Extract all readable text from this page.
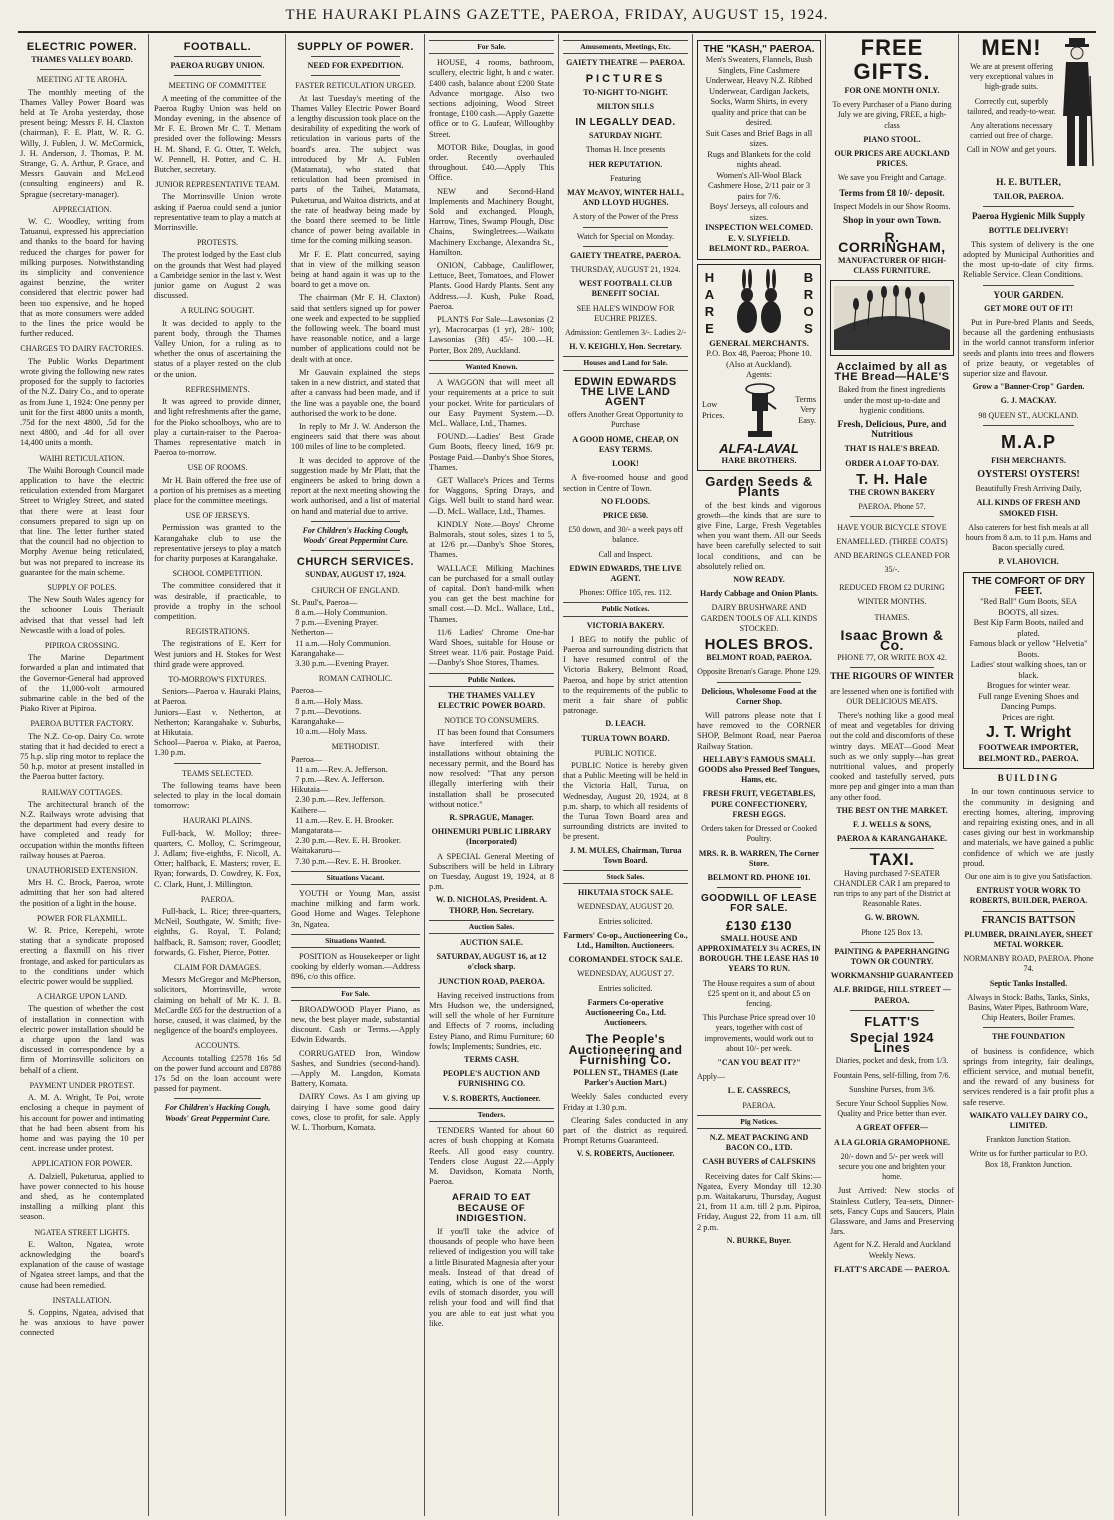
THE HAURAKI PLAINS GAZETTE, PAEROA, FRIDAY, AUGUST 15, 1924.
ELECTRIC POWER.
THAMES VALLEY BOARD.
MEETING AT TE AROHA.

The monthly meeting of the Thames Valley Power Board was held at Te Aroha yesterday, those present being: Messrs F. H. Claxton (chairman), F. E. Platt, W. R. G. Willy, J. Fublen, J. W. McCormick, J. H. Anderson, J. Thomas, P. M. Strange, G. A. Arthur, P. Grace, and Messrs Gauvain and McLeod (consulting engineers) and R. Sprague (secretary-manager).

APPRECIATION.

W. C. Woodley, writing from Tatuanui, expressed his appreciation and thanks to the board for having reduced the charges for power for milking purposes. Notwithstanding its simplicity and convenience against benzine, the writer considered that electric power had been too expensive, and he hoped that as more consumers were added to the lines the price would be further reduced.

CHARGES TO DAIRY FACTORIES.

The Public Works Department wrote giving the following new rates proposed for the supply to factories of the N.Z. Dairy Co., and to operate as from June 1, 1924: One penny per unit for the first 4800 units a month, .75d for the next 4800, .5d for the next 4800, and .4d for all over 14,400 units a month.

WAIHI RETICULATION.

The Waihi Borough Council made application to have the electric reticulation extended from Margaret Street to Wrigley Street, and stated that there were at least four consumers prepared to sign up on that line. The letter further stated that the council had no objection to Morphy Avenue being reticulated, but was not prepared to increase its guarantee for the main scheme.

SUPPLY OF POLES.

The New South Wales agency for the schooner Louis Theriault advised that that vessel had left Newcastle with a load of poles.

PIPIROA CROSSING.

The Marine Department forwarded a plan and intimated that the Governor-General had approved of the 11,000-volt armoured submarine cable in the bed of the Piako River at Pipiroa.

PAEROA BUTTER FACTORY.

The N.Z. Co-op. Dairy Co. wrote stating that it had decided to erect a 75 h.p. slip ring motor to replace the 50 h.p. motor at present installed in the Paeroa butter factory.

RAILWAY COTTAGES.

The architectural branch of the N.Z. Railways wrote advising that the department had every desire to have completed and ready for occupation within the months fifteen railway houses at Paeroa.

UNAUTHORISED EXTENSION.

Mrs H. C. Brock, Paeroa, wrote admitting that her son had altered the position of a light in the house.

POWER FOR FLAXMILL.

W. R. Price, Kerepehi, wrote stating that a syndicate proposed erecting a flaxmill on his river frontage, and asked for particulars as to the conditions under which electric power would be supplied.

A CHARGE UPON LAND.

The question of whether the cost of installation in connection with electric power installation should be a charge upon the land was discussed in correspondence by a firm of Morrinsville solicitors on behalf of a client.

PAYMENT UNDER PROTEST.

A. M. A. Wright, Te Poi, wrote enclosing a cheque in payment of his account for power and intimating that he had been absent from his home and was paying the 10 per cent. increase under protest.

APPLICATION FOR POWER.

A. Dalziell, Puketurua, applied to have power connected to his house and shed, as he contemplated installing a milking plant this season.

NGATEA STREET LIGHTS.

E. Walton, Ngatea, wrote acknowledging the board's explanation of the cause of wastage of Ngatea street lamps, and that the cause had been remedied.

INSTALLATION.

S. Coppins, Ngatea, advised that he was anxious to have power connected

FOOTBALL.
PAEROA RUGBY UNION.
MEETING OF COMMITTEE

A meeting of the committee of the Paeroa Rugby Union was held on Monday evening, in the absence of Mr F. E. Brown Mr C. T. Mettam presided over the following: Messrs H. M. Shand, F. G. Otter, T. Welch, W. Pennell, H. Potter, and C. H. Butcher, secretary.

JUNIOR REPRESENTATIVE TEAM.

The Morrinsville Union wrote asking if Paeroa could send a junior representative team to play a match at Morrinsville.

PROTESTS.

The protest lodged by the East club on the grounds that West had played a Cambridge senior in the last v. West junior game on August 2 was discussed.

A RULING SOUGHT.

It was decided to apply to the parent body, through the Thames Valley Union, for a ruling as to whether the onus of ascertaining the status of a player rested on the club or the union.

REFRESHMENTS.

It was agreed to provide dinner, and light refreshments after the game, for the Pioko schoolboys, who are to play a curtain-raiser to the Paeroa-Thames representative match in Paeroa to-morrow.

USE OF ROOMS.

Mr H. Bain offered the free use of a portion of his premises as a meeting place for the committee meetings.

USE OF JERSEYS.

Permission was granted to the Karangahake club to use the representative jerseys to play a match for charity purposes at Karangahake.

SCHOOL COMPETITION.

The committee considered that it was desirable, if practicable, to provide a trophy in the school competition.

REGISTRATIONS.

The registrations of E. Kerr for West juniors and H. Stokes for West third grade were approved.

TO-MORROW'S FIXTURES.

Seniors—Paeroa v. Hauraki Plains, at Paeroa.
Juniors—East v. Netherton, at Netherton; Karangahake v. Suburbs, at Hikutaia.
School—Paeroa v. Piako, at Paeroa, 1.30 p.m.

TEAMS SELECTED.

The following teams have been selected to play in the local domain tomorrow:

HAURAKI PLAINS.

Full-back, W. Molloy; three-quarters, C. Molloy, C. Scrimgeour, J. Adlam; five-eighths, F. Nicoll, A. Otter; halfback, E. Masters; rover, E. Ryan; forwards, D. Cowdrey, K. Fox, C. Clark, Hunt, J. Millington.

PAEROA.

Full-back, L. Rice; three-quarters, McNeil, Southgate, W. Smith; five-eighths, G. Royal, T. Poland; halfback, R. Samson; rover, Goodlet; forwards, G. Fisher, Pierce, Potter.

CLAIM FOR DAMAGES.

Messrs McGregor and McPherson, solicitors, Morrinsville, wrote claiming on behalf of Mr K. J. B. McCardle £65 for the destruction of a horse, caused, it was claimed, by the negligence of the board's employees.

ACCOUNTS.

Accounts totalling £2578 16s 5d on the power fund account and £8788 17s 5d on the loan account were passed for payment.

For Children's Hacking Cough, Woods' Great Peppermint Cure.
SUPPLY OF POWER.
NEED FOR EXPEDITION.
FASTER RETICULATION URGED.

At last Tuesday's meeting of the Thames Valley Electric Power Board a lengthy discussion took place on the desirability of expediting the work of reticulation in various parts of the board's area. The subject was introduced by Mr A. Fublen (Matamata), who stated that reticulation had been promised in parts of the Taihei, Matamata, Puketurua, and Waitoa districts, and at the rate of headway being made by the board there seemed to be little chance of power being available in time for the coming milking season.

Mr F. E. Platt concurred, saying that in view of the milking season being at hand again it was up to the board to get a move on.

The chairman (Mr F. H. Claxton) said that settlers signed up for power one week and expected to be supplied the following week. The board must have reasonable notice, and a large number of applications could not be dealt with at once.

Mr Gauvain explained the steps taken in a new district, and stated that after a canvass had been made, and if the line was a payable one, the board authorised the work to be done.

In reply to Mr J. W. Anderson the engineers said that there was about 100 miles of line to be completed.

It was decided to approve of the suggestion made by Mr Platt, that the engineers be asked to bring down a report at the next meeting showing the work authorised, and a list of material on hand and material due to arrive.

For Children's Hacking Cough, Woods' Great Peppermint Cure.
CHURCH SERVICES.
SUNDAY, AUGUST 17, 1924.
CHURCH OF ENGLAND.

St. Paul's, Paeroa—
8 a.m.—Holy Communion.
7 p.m.—Evening Prayer.
Netherton—
11 a.m.—Holy Communion.
Karangahake—
3.30 p.m.—Evening Prayer.

ROMAN CATHOLIC.

Paeroa—
8 a.m.—Holy Mass.
7 p.m.—Devotions.
Karangahake—
10 a.m.—Holy Mass.

METHODIST.

Paeroa—
11 a.m.—Rev. A. Jefferson.
7 p.m.—Rev. A. Jefferson.
Hikutaia—
2.30 p.m.—Rev. Jefferson.
Kaihere—
11 a.m.—Rev. E. H. Brooker.
Mangatarata—
2.30 p.m.—Rev. E. H. Brooker.
Waitakaruru—
7.30 p.m.—Rev. E. H. Brooker.

Situations Vacant.

YOUTH or Young Man, assist machine milking and farm work. Good Home and Wages. Telephone 3n, Ngatea.

Situations Wanted.

POSITION as Housekeeper or light cooking by elderly woman.—Address 896, c/o this office.

For Sale.

BROADWOOD Player Piano, as new, the best player made, substantial discount. Cash or Terms.—Apply Edwin Edwards.

CORRUGATED Iron, Window Sashes, and Sundries (second-hand).—Apply M. Langdon, Komata Battery, Komata.

DAIRY Cows. As I am giving up dairying I have some good dairy cows, close to profit, for sale. Apply W. L. Thorburn, Komata.

For Sale.

HOUSE, 4 rooms, bathroom, scullery, electric light, h and c water. £400 cash, balance about £200 State Advance mortgage. Also two sections adjoining, Wood Street frontage, £100 cash.—Apply Gazette office or to G. Laufear, Willoughby Street.

MOTOR Bike, Douglas, in good order. Recently overhauled throughout. £40.—Apply This Office.

NEW and Second-Hand Implements and Machinery Bought, Sold and exchanged. Plough, Harrow, Tines, Swamp Plough, Disc Chains, Swingletrees.—Waikato Machinery Exchange, Alexandra St., Hamilton.

ONION, Cabbage, Cauliflower, Lettuce, Beet, Tomatoes, and Flower Plants. Good Hardy Plants. Sent any Address.—J. Kush, Puke Road, Paeroa.

PLANTS For Sale—Lawsonias (2 yr), Macrocarpas (1 yr), 28/- 100; Lawsonias (3ft) 45/- 100.—H. Porter, Box 289, Auckland.

Wanted Known.

A WAGGON that will meet all your requirements at a price to suit your pocket. Write for particulars of our Easy Payment System.—D. McL. Wallace, Ltd., Thames.

FOUND.—Ladies' Best Grade Gum Boots, fleecy lined, 16/9 pr. Postage Paid.—Danby's Shoe Stores, Thames.

GET Wallace's Prices and Terms for Waggons, Spring Drays, and Gigs. Well built to stand hard wear.—D. McL. Wallace, Ltd., Thames.

KINDLY Note.—Boys' Chrome Balmorals, stout soles, sizes 1 to 5, at 12/6 pr.—Danby's Shoe Stores, Thames.

WALLACE Milking Machines can be purchased for a small outlay of capital. Don't hand-milk when you can get the best machine for small cost.—D. McL. Wallace, Ltd., Thames.

11/6 Ladies' Chrome One-bar Ward Shoes, suitable for House or Street wear. 11/6 pair. Postage Paid.—Danby's Shoe Stores, Thames.

Public Notices.
THE THAMES VALLEY ELECTRIC POWER BOARD.
NOTICE TO CONSUMERS.

IT has been found that Consumers have interfered with their installations without obtaining the necessary permit, and the Board has now resolved: "That any person illegally interfering with their installation shall be prosecuted without notice."

R. SPRAGUE, Manager.
OHINEMURI PUBLIC LIBRARY (Incorporated)

A SPECIAL General Meeting of Subscribers will be held in Library on Tuesday, August 19, 1924, at 8 p.m.

W. D. NICHOLAS, President. A. THORP, Hon. Secretary.
Auction Sales.
AUCTION SALE.
SATURDAY, AUGUST 16, at 12 o'clock sharp.
JUNCTION ROAD, PAEROA.

Having received instructions from Mrs Hudson we, the undersigned, will sell the whole of her Furniture and Effects of 7 rooms, including Estey Piano, and Rimu Furniture; 60 fowls; Implements; Sundries, etc.

TERMS CASH.
PEOPLE'S AUCTION AND FURNISHING CO.
V. S. ROBERTS, Auctioneer.
Tenders.

TENDERS Wanted for about 60 acres of bush chopping at Komata Reefs. All good easy country. Tenders close August 22.—Apply M. Davidson, Komata North, Paeroa.

AFRAID TO EAT BECAUSE OF INDIGESTION.

If you'll take the advice of thousands of people who have been relieved of indigestion you will take a little Bisurated Magnesia after your meals. Instead of that dread of eating, which is one of the worst evils of stomach disorder, you will relish your food and will find that you are able to eat just what you like.

Amusements, Meetings, Etc.
GAIETY THEATRE — PAEROA.
PICTURES
TO-NIGHT TO-NIGHT.
MILTON SILLS
IN LEGALLY DEAD.
SATURDAY NIGHT.
Thomas H. Ince presents
HER REPUTATION.
Featuring
MAY McAVOY, WINTER HALL, AND LLOYD HUGHES.
A story of the Power of the Press
Watch for Special on Monday.
GAIETY THEATRE, PAEROA.
THURSDAY, AUGUST 21, 1924.
WEST FOOTBALL CLUB BENEFIT SOCIAL
SEE HALE'S WINDOW FOR EUCHRE PRIZES.
Admission: Gentlemen 3/-. Ladies 2/-
H. V. KEIGHLY, Hon. Secretary.
Houses and Land for Sale.
EDWIN EDWARDS THE LIVE LAND AGENT
offers Another Great Opportunity to Purchase
A GOOD HOME, CHEAP, ON EASY TERMS.
LOOK!

A five-roomed house and good section in Centre of Town.

NO FLOODS.
PRICE £650.
£50 down, and 30/- a week pays off balance.
Call and Inspect.
EDWIN EDWARDS, THE LIVE AGENT.
Phones: Office 105, res. 112.
Public Notices.
VICTORIA BAKERY.

I BEG to notify the public of Paeroa and surrounding districts that I have resumed control of the Victoria Bakery, Belmont Road, Paeroa, and hope by strict attention to the requirements of the public to merit a fair share of public patronage.

D. LEACH.
TURUA TOWN BOARD.
PUBLIC NOTICE.

PUBLIC Notice is hereby given that a Public Meeting will be held in the Victoria Hall, Turua, on Wednesday, August 20, 1924, at 8 p.m. sharp, to which all residents of the Turua Town Board area and surrounding districts are invited to be present.

J. M. MULES, Chairman, Turua Town Board.
Stock Sales.
HIKUTAIA STOCK SALE.
WEDNESDAY, AUGUST 20.
Entries solicited.
Farmers' Co-op., Auctioneering Co., Ltd., Hamilton. Auctioneers.
COROMANDEL STOCK SALE.
WEDNESDAY, AUGUST 27.
Entries solicited.
Farmers Co-operative Auctioneering Co., Ltd. Auctioneers.
The People's Auctioneering and Furnishing Co.
POLLEN ST., THAMES (Late Parker's Auction Mart.)

Weekly Sales conducted every Friday at 1.30 p.m.

Clearing Sales conducted in any part of the district as required. Prompt Returns Guaranteed.

V. S. ROBERTS, Auctioneer.
THE "KASH," PAEROA.
Men's Sweaters, Flannels, Bush Singlets, Fine Cashmere Underwear, Heavy N.Z. Ribbed Underwear, Cardigan Jackets, Socks, Warm Shirts, in every quality and price that can be desired.
Suit Cases and Brief Bags in all sizes.
Rugs and Blankets for the cold nights ahead.
Women's All-Wool Black Cashmere Hose, 2/11 pair or 3 pairs for 7/6.
Boys' Jerseys, all colours and sizes.
INSPECTION WELCOMED.
E. V. SLYFIELD.
BELMONT RD., PAEROA.
HARE	BROS
GENERAL MERCHANTS.
P.O. Box 48, Paeroa; Phone 10. (Also at Auckland).
Agents:
Low
Prices.
Terms
Very
Easy.
ALFA-LAVAL
HARE BROTHERS.
Garden Seeds & Plants

of the best kinds and vigorous growth—the kinds that are sure to give Fine, Large, Fresh Vegetables when you want them. All our Seeds have been carefully selected to suit local conditions, and can be absolutely relied on.

NOW READY.
Hardy Cabbage and Onion Plants.
DAIRY BRUSHWARE AND GARDEN TOOLS OF ALL KINDS STOCKED.
HOLES BROS.
BELMONT ROAD, PAEROA.
Opposite Brenan's Garage. Phone 129.
Delicious, Wholesome Food at the Corner Shop.

Will patrons please note that I have removed to the CORNER SHOP, Belmont Road, near Paeroa Railway Station.

HELLABY'S FAMOUS SMALL GOODS also Pressed Beef Tongues, Hams, etc.
FRESH FRUIT, VEGETABLES, PURE CONFECTIONERY, FRESH EGGS.
Orders taken for Dressed or Cooked Poultry.
MRS. R. B. WARREN, The Corner Store.
BELMONT RD. PHONE 101.
GOODWILL OF LEASE FOR SALE.
£130 £130
SMALL HOUSE AND APPROXIMATELY 3¼ ACRES, IN BOROUGH. THE LEASE HAS 10 YEARS TO RUN.
The House requires a sum of about £25 spent on it, and about £5 on fencing.
This Purchase Price spread over 10 years, together with cost of improvements, would work out to about 10/- per week.
"CAN YOU BEAT IT?"
Apply—
L. E. CASSRECS,
PAEROA.
Pig Notices.
N.Z. MEAT PACKING AND BACON CO., LTD.
CASH BUYERS of CALFSKINS

Receiving dates for Calf Skins:— Ngatea, Every Monday till 12.30 p.m. Waitakaruru, Thursday, August 21, from 11 a.m. till 2 p.m. Pipiroa, Friday, August 22, from 11 a.m. till 2 p.m.

N. BURKE, Buyer.
FREE GIFTS.
FOR ONE MONTH ONLY.
To every Purchaser of a Piano during July we are giving, FREE, a high-class
PIANO STOOL.
OUR PRICES ARE AUCKLAND PRICES.
We save you Freight and Cartage.
Terms from £8 10/- deposit.
Inspect Models in our Show Rooms.
Shop in your own Town.
R. CORRINGHAM,
MANUFACTURER OF HIGH-CLASS FURNITURE.
Acclaimed by all as THE Bread—HALE'S
Baked from the finest ingredients under the most up-to-date and hygienic conditions.
Fresh, Delicious, Pure, and Nutritious
THAT IS HALE'S BREAD.
ORDER A LOAF TO-DAY.
T. H. Hale
THE CROWN BAKERY
PAEROA. Phone 57.
HAVE YOUR BICYCLE STOVE ENAMELLED. (THREE COATS) AND BEARINGS CLEANED FOR 35/-.
REDUCED FROM £2 DURING WINTER MONTHS.
THAMES.
Isaac Brown & Co.
PHONE 77, OR WRITE BOX 42.
THE RIGOURS OF WINTER
are lessened when one is fortified with OUR DELICIOUS MEATS.

There's nothing like a good meal of meat and vegetables for driving out the cold and discomforts of these wintry days. MEAT—Good Meat such as we only supply—has great nutritional values, and properly cooked and tastefully served, puts more pep and ginger into a man than any other food.

THE BEST ON THE MARKET.
F. J. WELLS & SONS,
PAEROA & KARANGAHAKE.
TAXI.
Having purchased 7-SEATER CHANDLER CAR I am prepared to run trips to any part of the District at Reasonable Rates.
G. W. BROWN.
Phone 125 Box 13.
PAINTING & PAPERHANGING TOWN OR COUNTRY.
WORKMANSHIP GUARANTEED
ALF. BRIDGE, HILL STREET — PAEROA.
FLATT'S
Special 1924 Lines
Diaries, pocket and desk, from 1/3.
Fountain Pens, self-filling, from 7/6.
Sunshine Purses, from 3/6.
Secure Your School Supplies Now. Quality and Price better than ever.
A GREAT OFFER—
A LA GLORIA GRAMOPHONE.
20/- down and 5/- per week will secure you one and brighten your home.

Just Arrived: New stocks of Stainless Cutlery, Tea-sets, Dinner-sets, Fancy Cups and Saucers, Plain Glassware, and Jams and Preserving Jars.

Agent for N.Z. Herald and Auckland Weekly News.
FLATT'S ARCADE — PAEROA.
MEN!
We are at present offering very exceptional values in high-grade suits.
Correctly cut, superbly tailored, and ready-to-wear.
Any alterations necessary carried out free of charge.
Call in NOW and get yours.
H. E. BUTLER,
TAILOR, PAEROA.
Paeroa Hygienic Milk Supply
BOTTLE DELIVERY!

This system of delivery is the one adopted by Municipal Authorities and the most up-to-date of city firms. Reliable Service. Clean Conditions.

YOUR GARDEN.
GET MORE OUT OF IT!

Put in Pure-bred Plants and Seeds, because all the gardening enthusiasts in the world cannot transform inferior seeds and plants into trees and flowers of prize beauty, or vegetables of superior size and flavour.

Grow a "Banner-Crop" Garden.
G. J. MACKAY.
98 QUEEN ST., AUCKLAND.
M.A.P
FISH MERCHANTS.
OYSTERS! OYSTERS!
Beautifully Fresh Arriving Daily,
ALL KINDS OF FRESH AND SMOKED FISH.
Also caterers for best fish meals at all hours from 8 a.m. to 11 p.m. Hams and Bacon specially cured.
P. VLAHOVICH.
THE COMFORT OF DRY FEET.
"Red Ball" Gum Boots, SEA BOOTS, all sizes.
Best Kip Farm Boots, nailed and plated.
Famous black or yellow "Helvetia" Boots.
Ladies' stout walking shoes, tan or black.
Brogues for winter wear.
Full range Evening Shoes and Dancing Pumps.
Prices are right.
J. T. Wright
FOOTWEAR IMPORTER, BELMONT RD., PAEROA.
BUILDING

In our town continuous service to the community in designing and erecting homes, altering, improving and repairing existing ones, and in all cases giving our best in workmanship and materials, we have gained a public confidence of which we are justly proud.

Our one aim is to give you Satisfaction.
ENTRUST YOUR WORK TO ROBERTS, BUILDER, PAEROA.
FRANCIS BATTSON
PLUMBER, DRAINLAYER, SHEET METAL WORKER.
NORMANBY ROAD, PAEROA. Phone 74.
Septic Tanks Installed.
Always in Stock: Baths, Tanks, Sinks, Basins, Water Pipes, Bathroom Ware, Chip Heaters, Boiler Frames.
THE FOUNDATION

of business is confidence, which springs from integrity, fair dealings, efficient service, and mutual benefit, and the reward of any business for services rendered is a fair profit plus a safe reserve.

WAIKATO VALLEY DAIRY CO., LIMITED.
Frankton Junction Station.
Write us for further particular to P.O. Box 18, Frankton Junction.
